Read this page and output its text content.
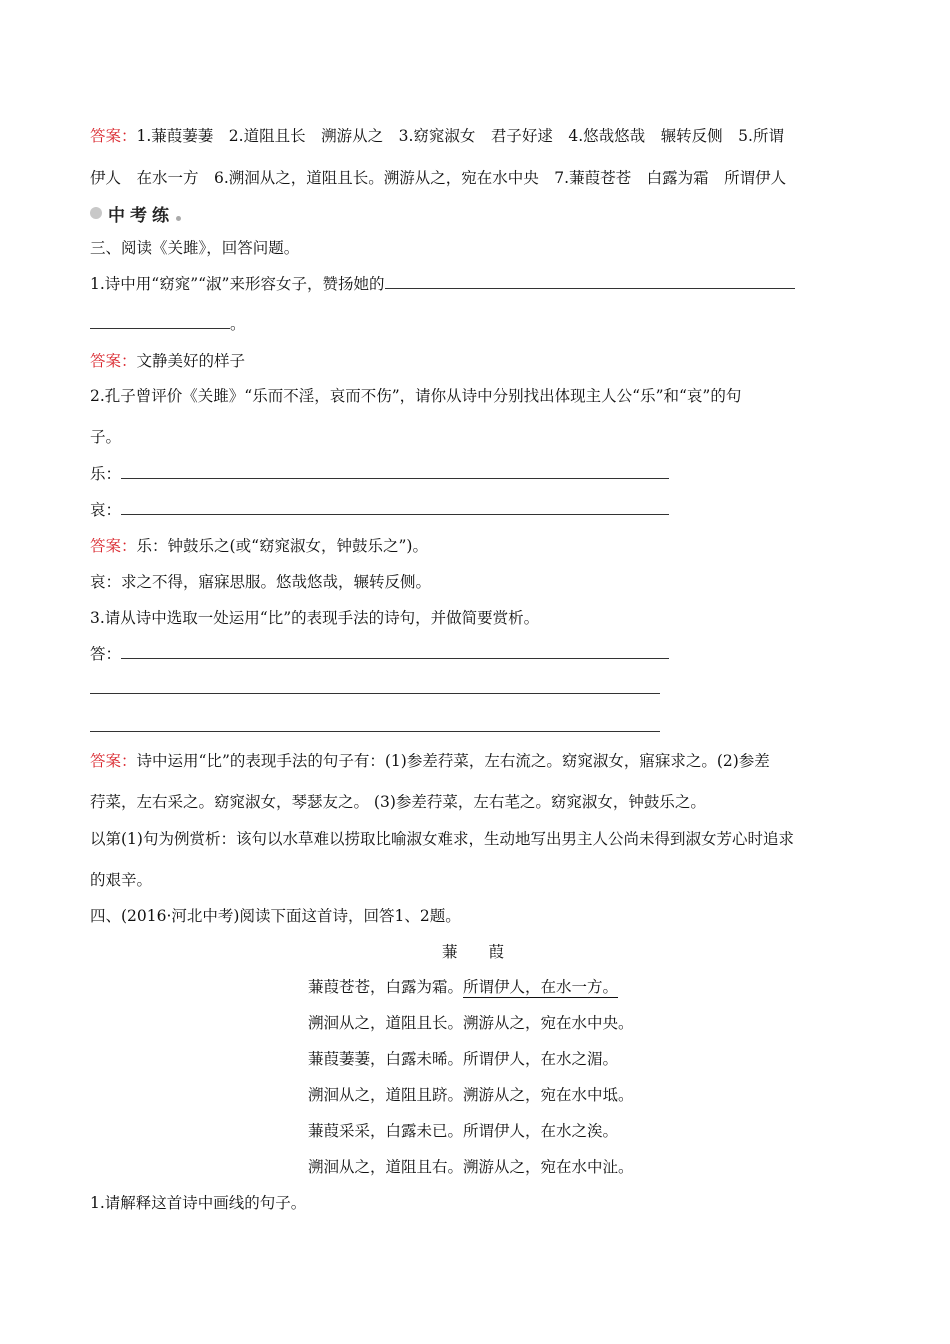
答案：1.蒹葭萋萋　2.道阻且长　溯游从之　3.窈窕淑女　君子好逑　4.悠哉悠哉　辗转反侧　5.所谓
伊人　在水一方　6.溯洄从之，道阻且长。溯游从之，宛在水中央　7.蒹葭苍苍　白露为霜　所谓伊人
中考练
三、阅读《关雎》，回答问题。
1.诗中用“窈窕”“淑”来形容女子，赞扬她的
。
答案：文静美好的样子
2.孔子曾评价《关雎》“乐而不淫，哀而不伤”，请你从诗中分别找出体现主人公“乐”和“哀”的句
子。
乐：
哀：
答案：乐：钟鼓乐之(或“窈窕淑女，钟鼓乐之”)。
哀：求之不得，寤寐思服。悠哉悠哉，辗转反侧。
3.请从诗中选取一处运用“比”的表现手法的诗句，并做简要赏析。
答：
答案：诗中运用“比”的表现手法的句子有：(1)参差荇菜，左右流之。窈窕淑女，寤寐求之。(2)参差
荇菜，左右采之。窈窕淑女，琴瑟友之。 (3)参差荇菜，左右芼之。窈窕淑女，钟鼓乐之。
以第(1)句为例赏析：该句以水草难以捞取比喻淑女难求，生动地写出男主人公尚未得到淑女芳心时追求
的艰辛。
四、(2016·河北中考)阅读下面这首诗，回答1、2题。
蒹　　葭
蒹葭苍苍，白露为霜。所谓伊人，在水一方。
溯洄从之，道阻且长。溯游从之，宛在水中央。
蒹葭萋萋，白露未晞。所谓伊人，在水之湄。
溯洄从之，道阻且跻。溯游从之，宛在水中坻。
蒹葭采采，白露未已。所谓伊人，在水之涘。
溯洄从之，道阻且右。溯游从之，宛在水中沚。
1.请解释这首诗中画线的句子。
